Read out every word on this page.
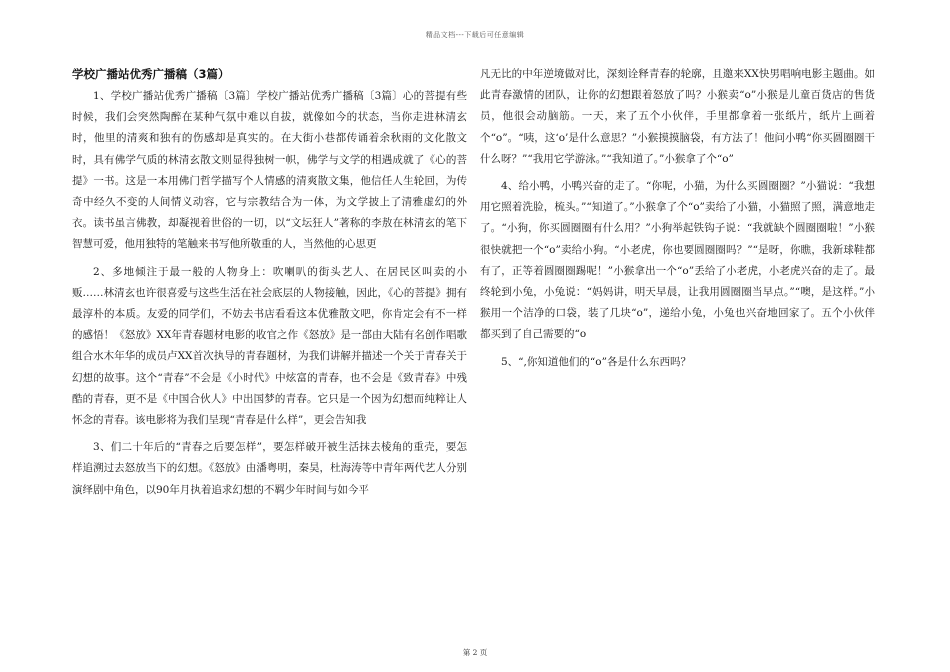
精品文档---下载后可任意编辑
学校广播站优秀广播稿（3篇）

1、学校广播站优秀广播稿〔3篇〕学校广播站优秀广播稿〔3篇〕心的菩提有些时候，我们会突然陶醉在某种气氛中难以自拔，就像如今的状态，当你走进林清玄时，他里的清爽和独有的伤感却是真实的。在大街小巷都传诵着余秋雨的文化散文时，具有佛学气质的林清玄散文则显得独树一帜，佛学与文学的相遇成就了《心的菩提》一书。这是一本用佛门哲学描写个人情感的清爽散文集，他信任人生轮回，为传奇中经久不变的人间情义动容，它与宗教结合为一体，为文学披上了清雅虚幻的外衣。读书虽言佛教，却凝视着世俗的一切，以“文坛狂人”著称的李敖在林清玄的笔下智慧可爱，他用独特的笔触来书写他所敬重的人，当然他的心思更

2、多地倾注于最一般的人物身上：吹喇叭的街头艺人、在居民区叫卖的小贩……林清玄也许很喜爱与这些生活在社会底层的人物接触，因此，《心的菩提》拥有最淳朴的本质。友爱的同学们，不妨去书店看看这本优雅散文吧，你肯定会有不一样的感悟！《怒放》XX年青春题材电影的收官之作《怒放》是一部由大陆有名创作唱歌组合水木年华的成员卢XX首次执导的青春题材，为我们讲解并描述一个关于青春关于幻想的故事。这个“青春”不会是《小时代》中炫富的青春，也不会是《致青春》中残酷的青春，更不是《中国合伙人》中出国梦的青春。它只是一个因为幻想而纯粹让人怀念的青春。该电影将为我们呈现“青春是什么样”，更会告知我

3、们二十年后的“青春之后要怎样”，要怎样破开被生活抹去棱角的重壳，要怎样追溯过去怒放当下的幻想。《怒放》由潘粤明，秦昊，杜海涛等中青年两代艺人分别演绎剧中角色，以90年月执着追求幻想的不羁少年时间与如今平

凡无比的中年逆境做对比，深刻诠释青春的轮廓，且邀来XX快男唱响电影主题曲。如此青春激情的团队，让你的幻想跟着怒放了吗？小猴卖“o”小猴是儿童百货店的售货员，他很会动脑筋。一天，来了五个小伙伴，手里都拿着一张纸片，纸片上画着个“o”。“咦，这‘o’是什么意思？”小猴摸摸脑袋，有方法了！他问小鸭“你买圆圈圈干什么呀？”“我用它学游泳。”“我知道了。”小猴拿了个“o”

4、给小鸭，小鸭兴奋的走了。“你呢，小猫，为什么买圆圈圈？”小猫说：“我想用它照着洗脸，梳头。”“知道了。”小猴拿了个“o”卖给了小猫，小猫照了照，满意地走了。“小狗，你买圆圈圈有什么用？”小狗举起铁钩子说：“我就缺个圆圈圈啦！”小猴很快就把一个“o”卖给小狗。“小老虎，你也要圆圈圈吗？”“是呀，你瞧，我新球鞋都有了，正等着圆圈圈踢呢！”小猴拿出一个“o”丢给了小老虎，小老虎兴奋的走了。最终轮到小兔，小兔说：“妈妈讲，明天早晨，让我用圆圈圈当早点。”“噢，是这样。”小猴用一个洁净的口袋，装了几块“o”，递给小兔，小兔也兴奋地回家了。五个小伙伴都买到了自己需要的“o

5、“,你知道他们的“o”各是什么东西吗？

第 2 页
